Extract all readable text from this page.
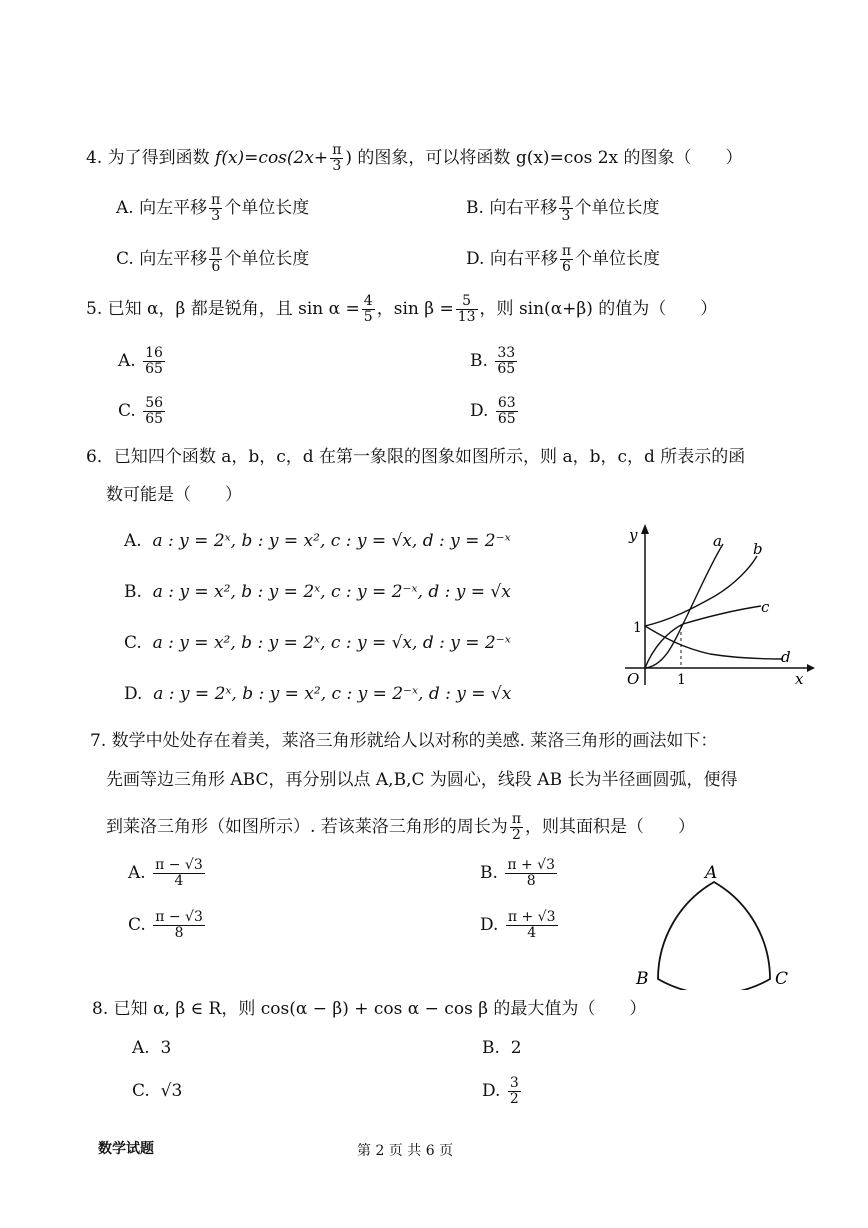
4. 为了得到函数 $f(x)=\cos(2x+ \frac{\pi}{3}$ ) 的图象，可以将函数 g(x)=cos 2x 的图象（　　）
A. 向左平移 $\frac{\pi}{3}$ 个单位长度	B. 向右平移 $\frac{\pi}{3}$ 个单位长度
C. 向左平移 $\frac{\pi}{6}$ 个单位长度	D. 向右平移 $\frac{\pi}{6}$ 个单位长度
5. 已知 α，β 都是锐角，且 $\sin \alpha = \frac{4}{5}$ ，$\sin \beta = \frac{5}{13}$ ，则 sin(α+β) 的值为（　　）
A. $\frac{16}{65}$	B. $\frac{33}{65}$
C. $\frac{56}{65}$	D. $\frac{63}{65}$
6．已知四个函数 a，b，c，d 在第一象限的图象如图所示，则 a，b，c，d 所表示的函
数可能是（　　）
A. a : y = 2ˣ, b : y = x², c : y = √x, d : y = 2⁻ˣ
B. a : y = x², b : y = 2ˣ, c : y = 2⁻ˣ, d : y = √x
C. a : y = x², b : y = 2ˣ, c : y = √x, d : y = 2⁻ˣ
D. a : y = 2ˣ, b : y = x², c : y = 2⁻ˣ, d : y = √x
y
x
O	1
1
a b
c
d
7. 数学中处处存在着美，莱洛三角形就给人以对称的美感. 莱洛三角形的画法如下：
先画等边三角形 ABC，再分别以点 A,B,C 为圆心，线段 AB 长为半径画圆弧，便得
到莱洛三角形（如图所示）. 若该莱洛三角形的周长为 $\frac{\pi}{2}$ ，则其面积是（　　）
A. $\frac{\pi - √3}{4}$	B. $\frac{\pi + √3}{8}$
C. $\frac{\pi - √3}{8}$	D. $\frac{\pi + √3}{4}$
A
B	C
8. 已知 α, β ∈ R，则 cos(α − β) + cos α − cos β 的最大值为（　　）
A. 3	B. 2
C. √3	D. $\frac{3}{2}$
数学试题	第 2 页 共 6 页
